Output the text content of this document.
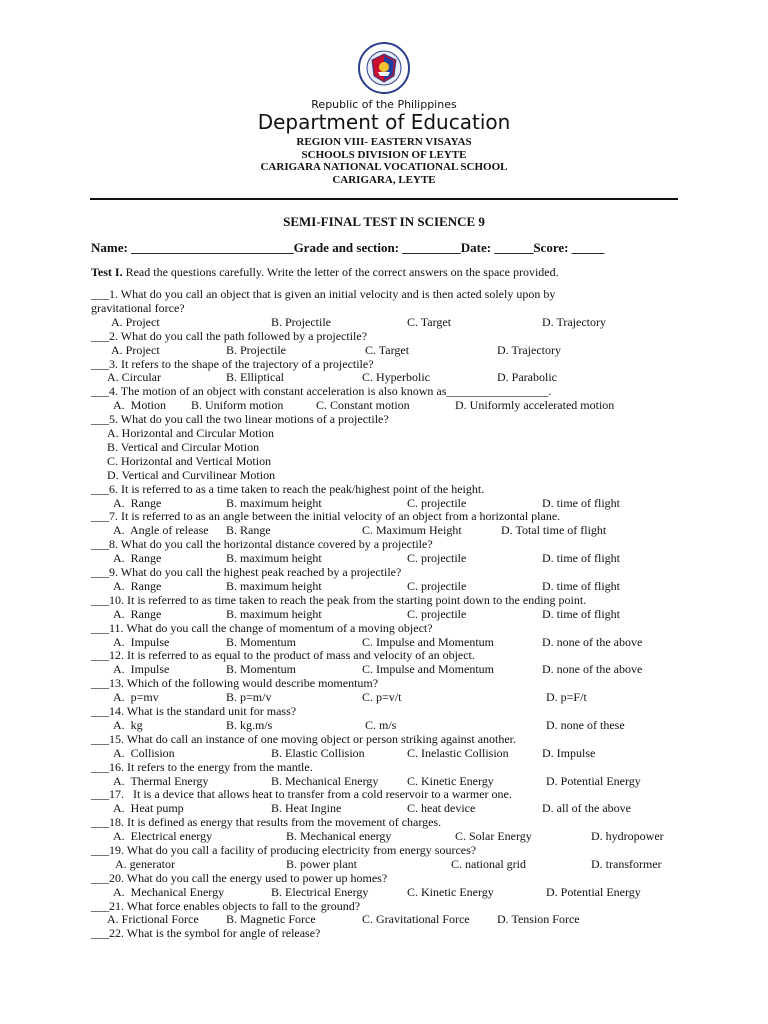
Republic of the Philippines
Department of Education
REGION VIII- EASTERN VISAYAS
SCHOOLS DIVISION OF LEYTE
CARIGARA NATIONAL VOCATIONAL SCHOOL
CARIGARA, LEYTE
SEMI-FINAL TEST IN SCIENCE 9
Name: _________________________Grade and section: _________Date: ______Score: _____
Test I. Read the questions carefully. Write the letter of the correct answers on the space provided.
___1. What do you call an object that is given an initial velocity and is then acted solely upon by
gravitational force?
A. Project	B. Projectile	C. Target	D. Trajectory
___2. What do you call the path followed by a projectile?
A. Project	B. Projectile	C. Target	D. Trajectory
___3. It refers to the shape of the trajectory of a projectile?
A. Circular	B. Elliptical	C. Hyperbolic	D. Parabolic
___4. The motion of an object with constant acceleration is also known as_________________.
A.  Motion B. Uniform motion	C. Constant motion	D. Uniformly accelerated motion
___5. What do you call the two linear motions of a projectile?
A. Horizontal and Circular Motion
B. Vertical and Circular Motion
C. Horizontal and Vertical Motion
D. Vertical and Curvilinear Motion
___6. It is referred to as a time taken to reach the peak/highest point of the height.
A.  Range	B. maximum height	C. projectile	D. time of flight
___7. It is referred to as an angle between the initial velocity of an object from a horizontal plane.
A.  Angle of release B. Range	C. Maximum Height	D. Total time of flight
___8. What do you call the horizontal distance covered by a projectile?
A.  Range	B. maximum height	C. projectile	D. time of flight
___9. What do you call the highest peak reached by a projectile?
A.  Range	B. maximum height	C. projectile	D. time of flight
___10. It is referred to as time taken to reach the peak from the starting point down to the ending point.
A.  Range	B. maximum height	C. projectile	D. time of flight
___11. What do you call the change of momentum of a moving object?
A.  Impulse	B. Momentum	C. Impulse and Momentum	D. none of the above
___12. It is referred to as equal to the product of mass and velocity of an object.
A.  Impulse	B. Momentum	C. Impulse and Momentum	D. none of the above
___13. Which of the following would describe momentum?
A.  p=mv	B. p=m/v	C. p=v/t	D. p=F/t
___14. What is the standard unit for mass?
A.  kg	B. kg.m/s	C. m/s	D. none of these
___15. What do call an instance of one moving object or person striking against another.
A.  Collision	B. Elastic Collision	C. Inelastic Collision	D. Impulse
___16. It refers to the energy from the mantle.
A.  Thermal Energy	B. Mechanical Energy C. Kinetic Energy	D. Potential Energy
___17.   It is a device that allows heat to transfer from a cold reservoir to a warmer one.
A.  Heat pump	B. Heat Ingine	C. heat device	D. all of the above
___18. It is defined as energy that results from the movement of charges.
A.  Electrical energy	B. Mechanical energy	C. Solar Energy	D. hydropower
___19. What do you call a facility of producing electricity from energy sources?
A. generator	B. power plant	C. national grid	D. transformer
___20. What do you call the energy used to power up homes?
A.  Mechanical Energy	B. Electrical Energy	C. Kinetic Energy	D. Potential Energy
___21. What force enables objects to fall to the ground?
A. Frictional Force B. Magnetic Force	C. Gravitational Force D. Tension Force
___22. What is the symbol for angle of release?
